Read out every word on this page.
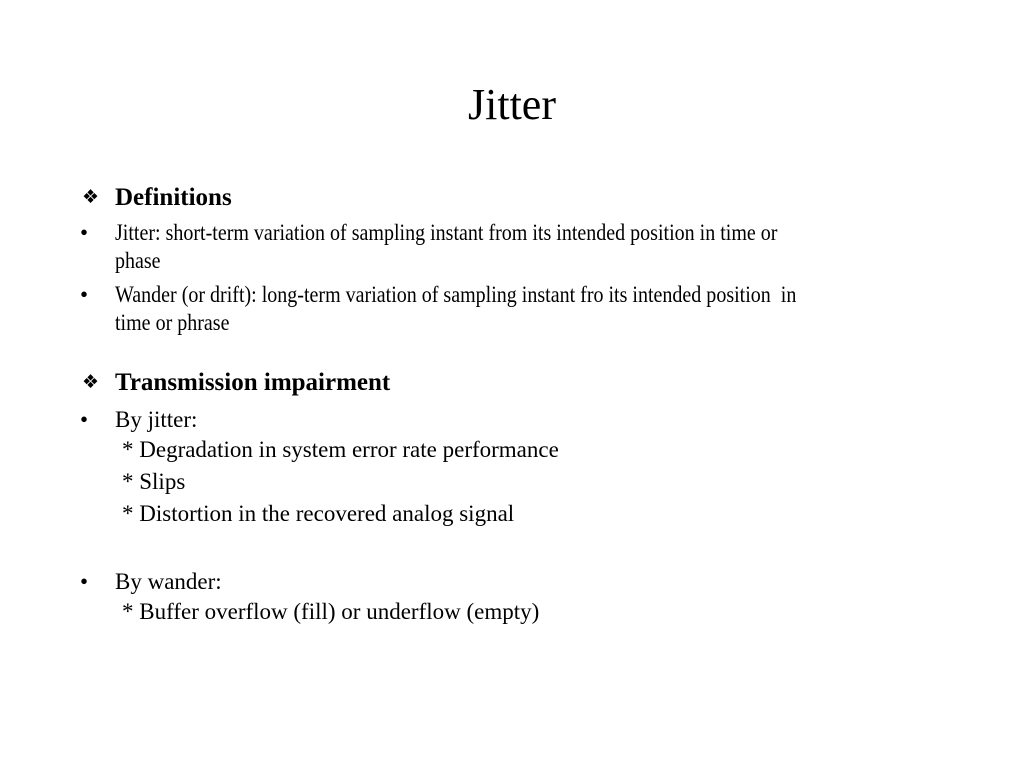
Jitter
❖ Definitions
•	Jitter: short-term variation of sampling instant from its intended position in time or
phase
•	Wander (or drift): long-term variation of sampling instant fro its intended position  in
time or phrase
❖ Transmission impairment
•	By jitter:
* Degradation in system error rate performance
* Slips
* Distortion in the recovered analog signal
•	By wander:
* Buffer overflow (fill) or underflow (empty)
